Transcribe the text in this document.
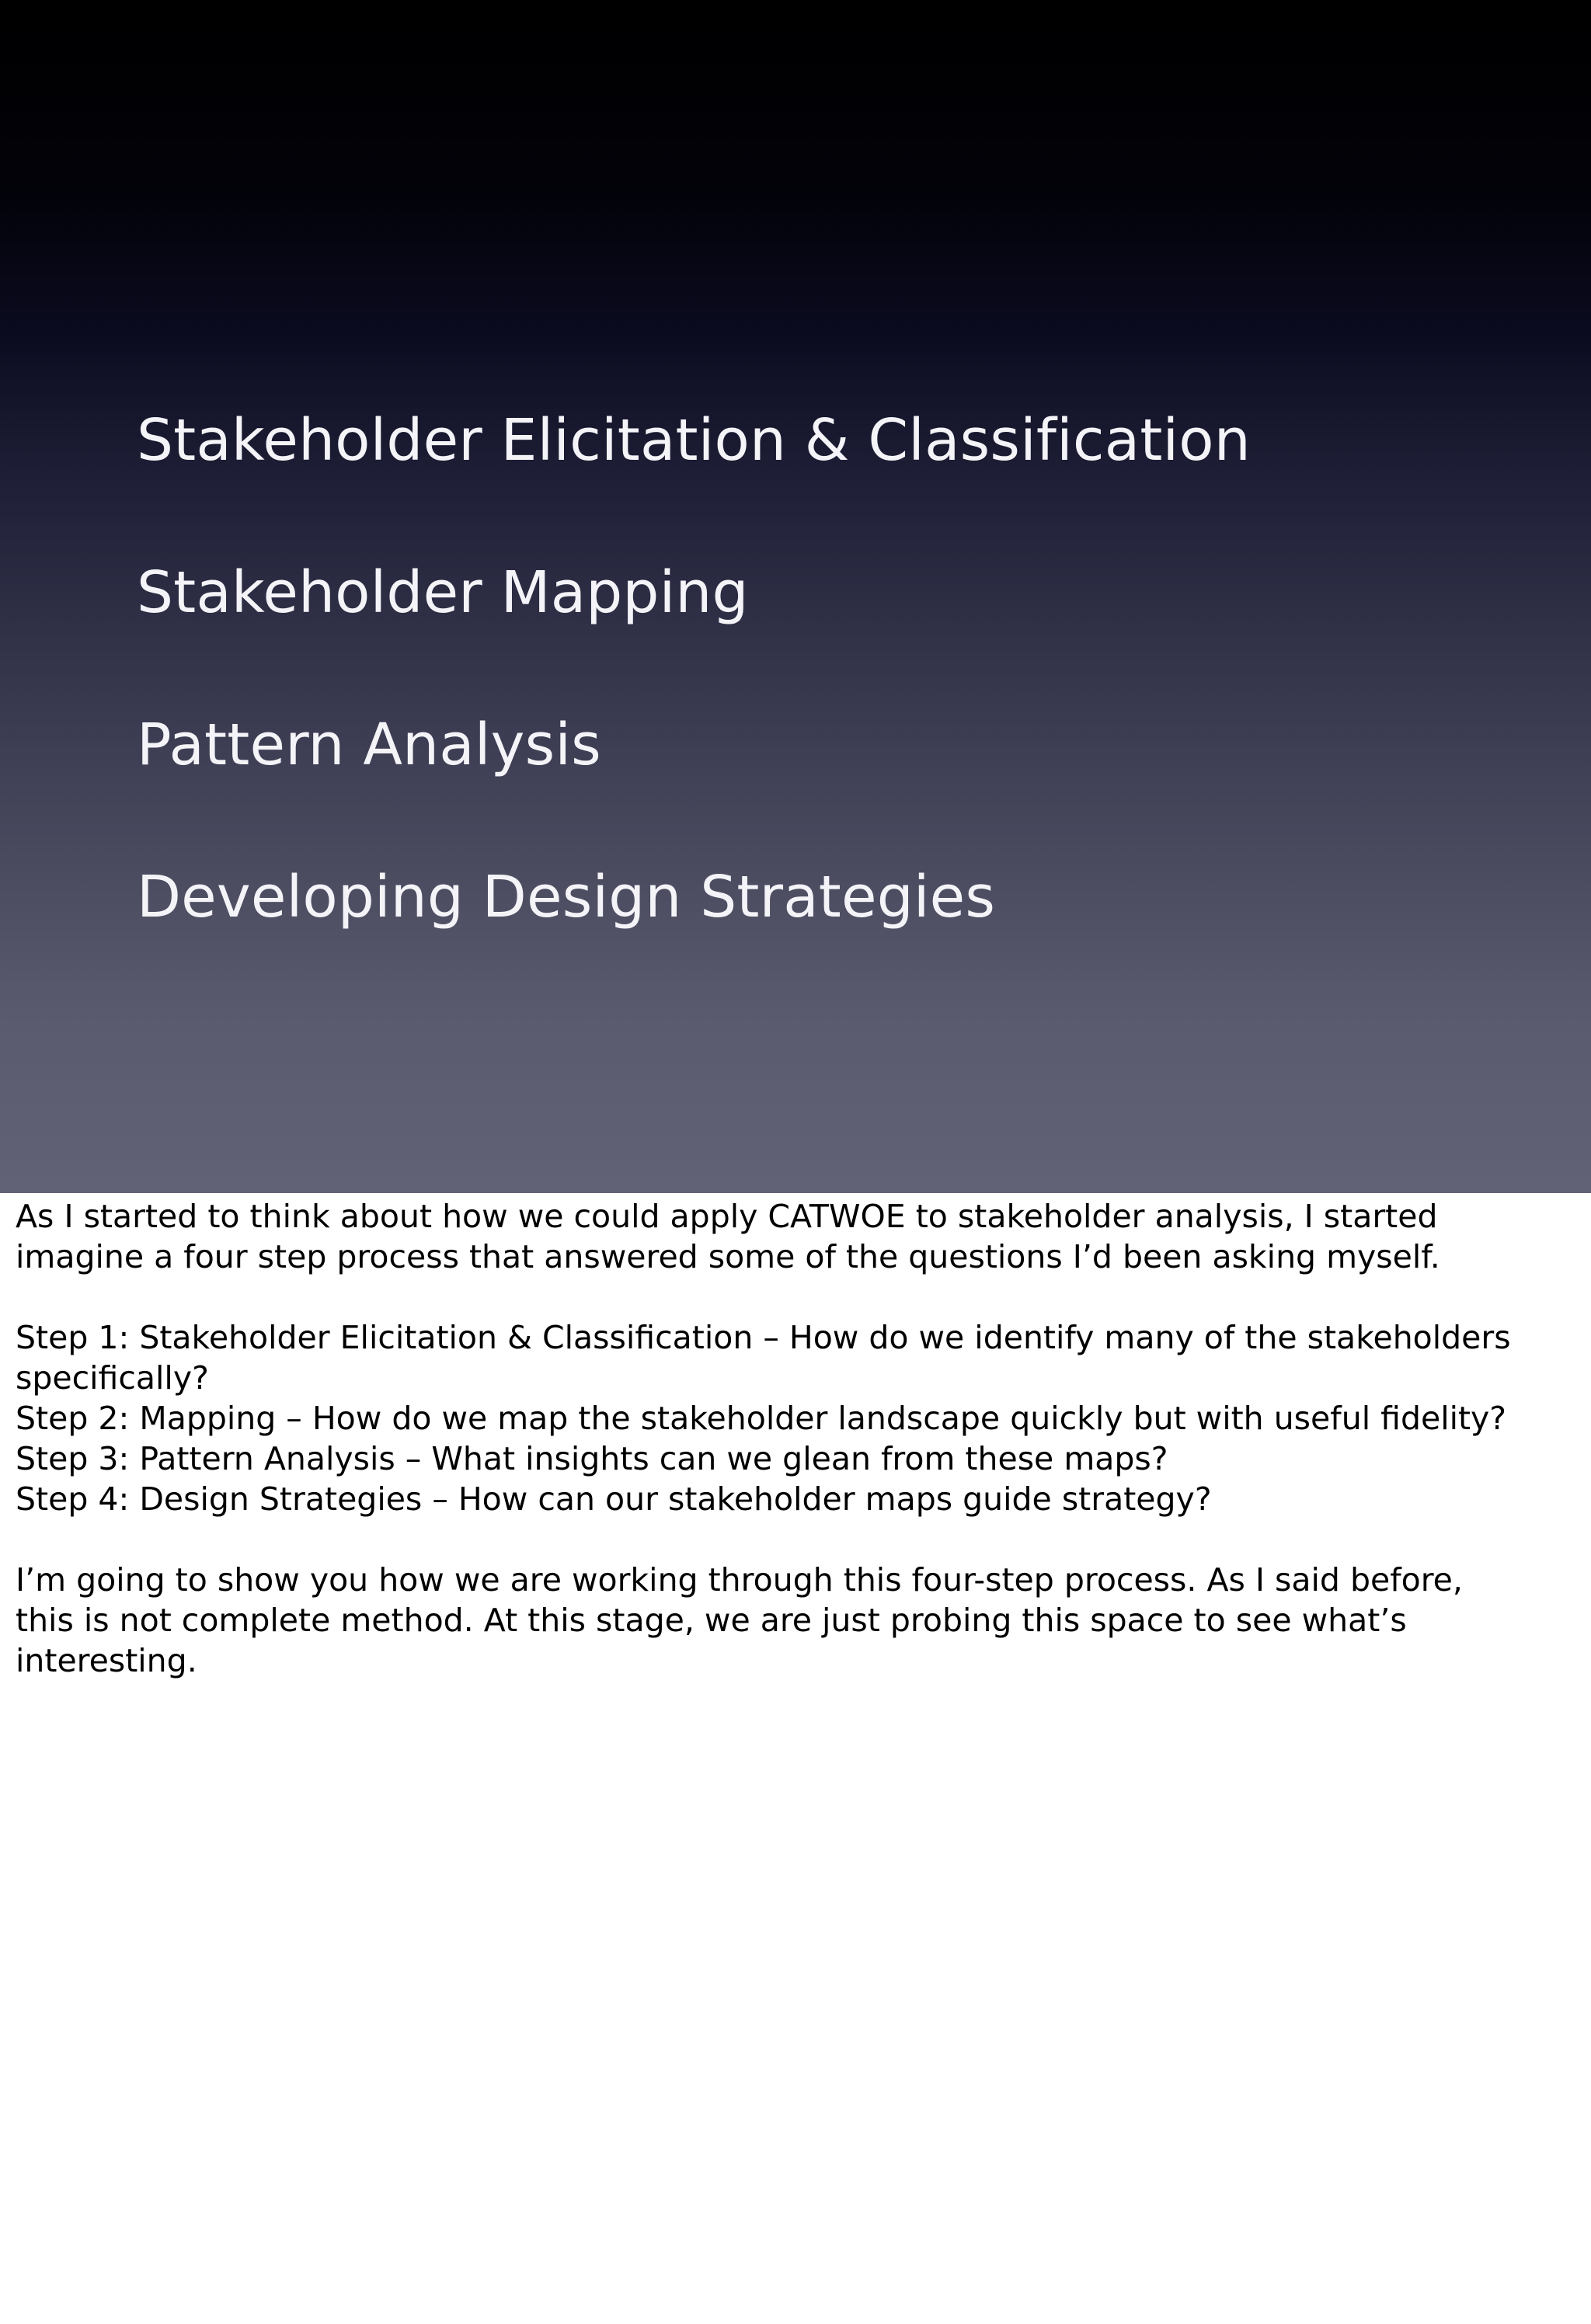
Stakeholder Elicitation & Classification
Stakeholder Mapping
Pattern Analysis
Developing Design Strategies

As I started to think about how we could apply CATWOE to stakeholder analysis, I started

imagine a four step process that answered some of the questions I’d been asking myself.

Step 1: Stakeholder Elicitation & Classification – How do we identify many of the stakeholders

specifically?

Step 2: Mapping – How do we map the stakeholder landscape quickly but with useful fidelity?

Step 3: Pattern Analysis – What insights can we glean from these maps?

Step 4: Design Strategies – How can our stakeholder maps guide strategy?

I’m going to show you how we are working through this four-step process. As I said before,

this is not complete method. At this stage, we are just probing this space to see what’s

interesting.
